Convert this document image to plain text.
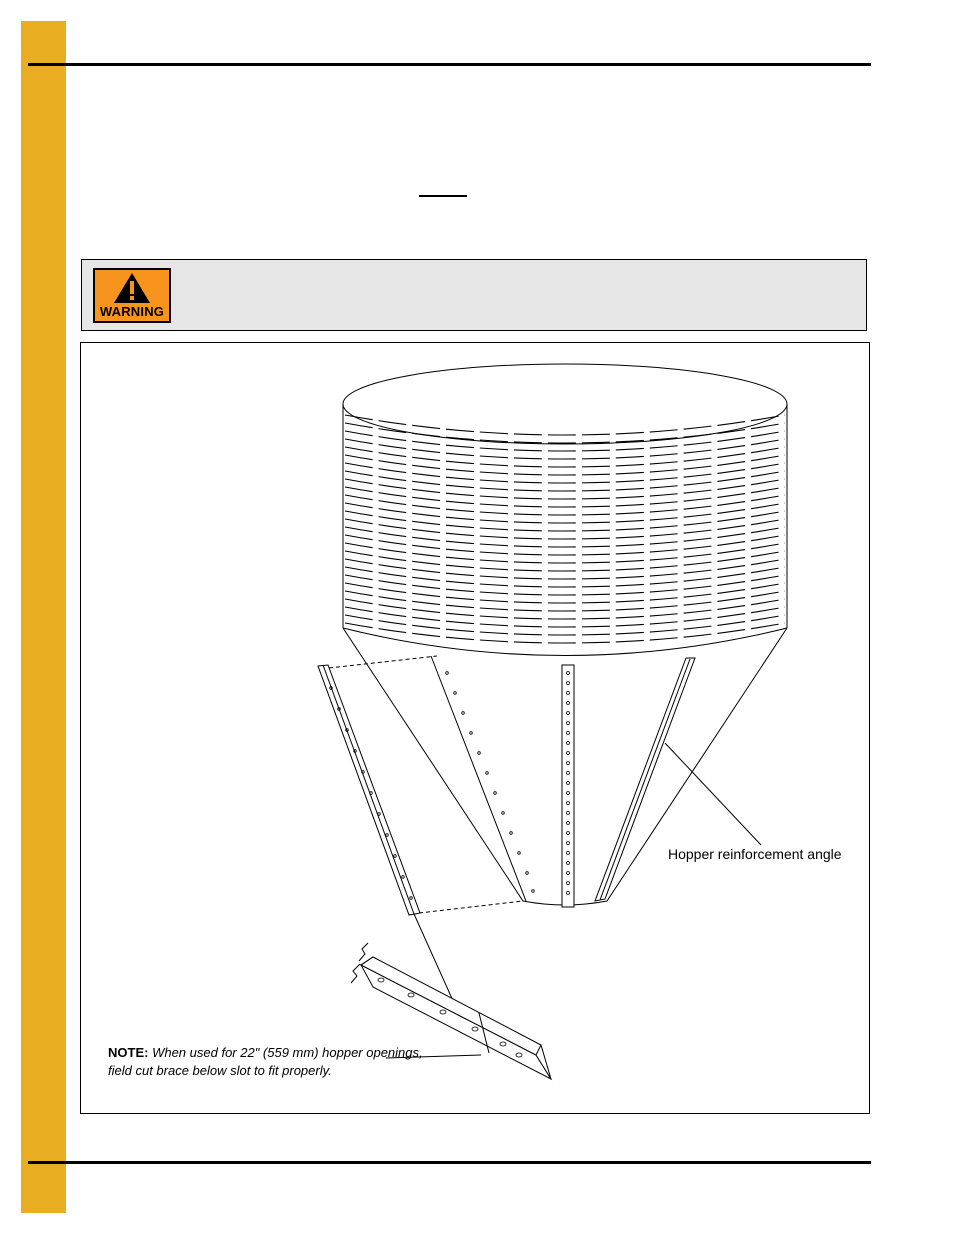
WARNING
Hopper reinforcement angle
NOTE: When used for 22" (559 mm) hopper openings, field cut brace below slot to fit properly.
